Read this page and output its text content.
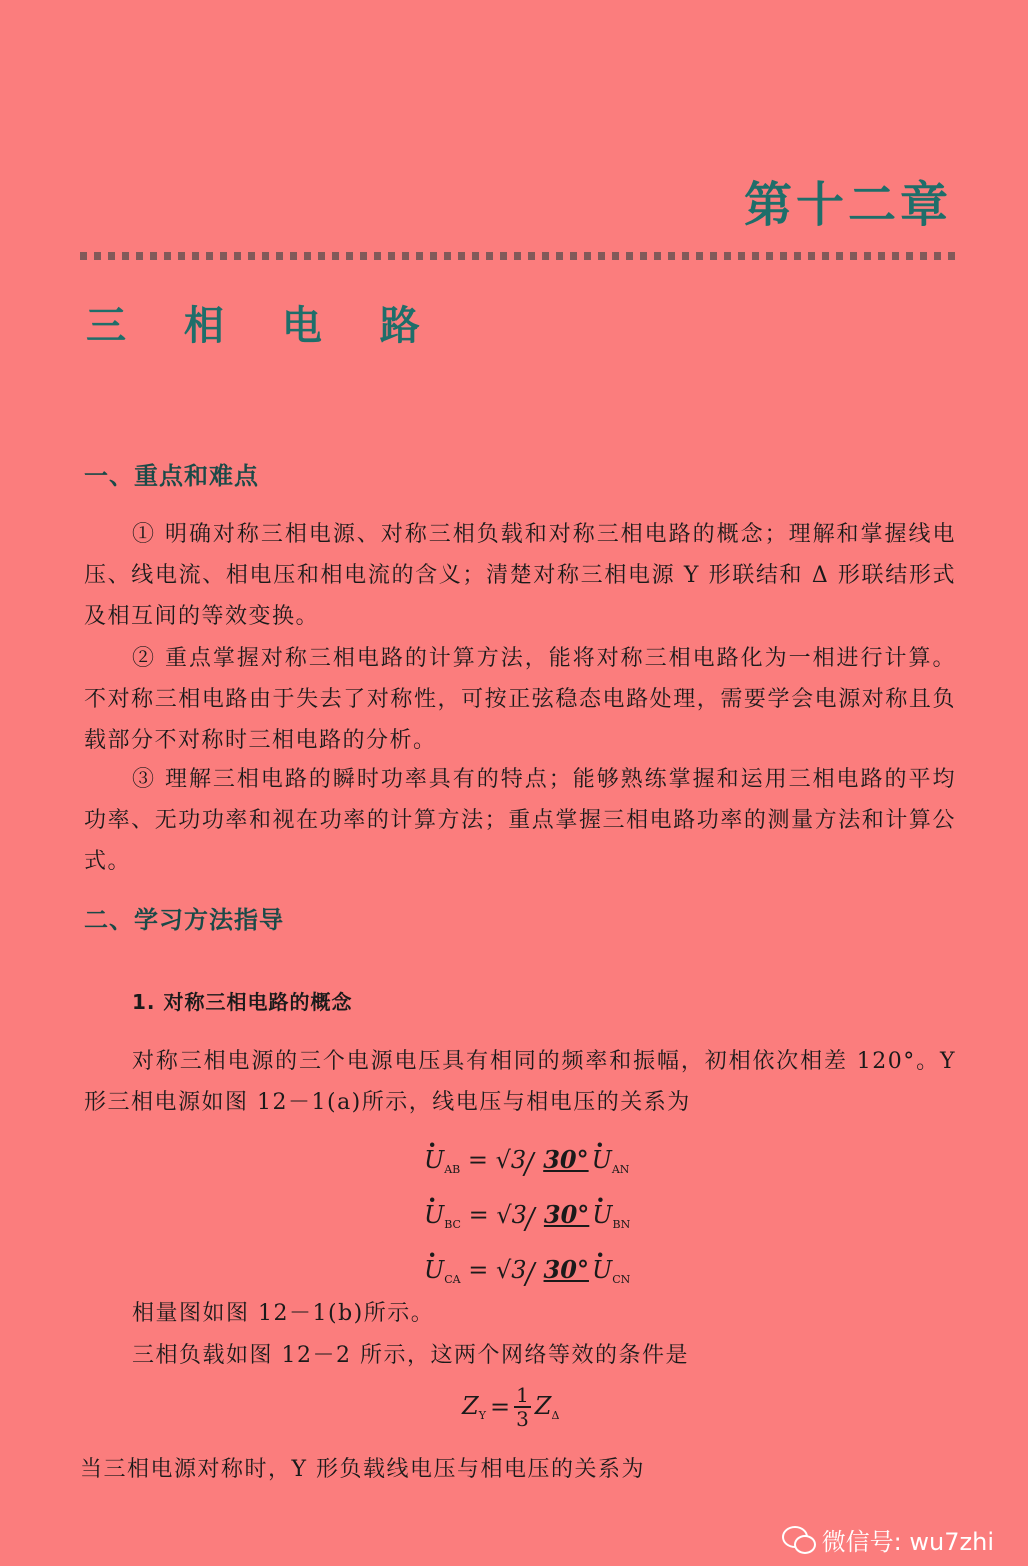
第十二章
三 相 电 路
一、重点和难点
① 明确对称三相电源、对称三相负载和对称三相电路的概念；理解和掌握线电压、线电流、相电压和相电流的含义；清楚对称三相电源 Y 形联结和 Δ 形联结形式及相互间的等效变换。
② 重点掌握对称三相电路的计算方法，能将对称三相电路化为一相进行计算。不对称三相电路由于失去了对称性，可按正弦稳态电路处理，需要学会电源对称且负载部分不对称时三相电路的分析。
③ 理解三相电路的瞬时功率具有的特点；能够熟练掌握和运用三相电路的平均功率、无功功率和视在功率的计算方法；重点掌握三相电路功率的测量方法和计算公式。
二、学习方法指导
1. 对称三相电路的概念
对称三相电源的三个电源电压具有相同的频率和振幅，初相依次相差 120°。Y 形三相电源如图 12－1(a)所示，线电压与相电压的关系为
· $U_{AB} = √3$ $30^\circ \cdot U_{AN}$
· $U_{BC} = √3$ $30^\circ \cdot U_{BN}$
· $U_{CA} = √3$ $30^\circ \cdot U_{CN}$
相量图如图 12－1(b)所示。
三相负载如图 12－2 所示，这两个网络等效的条件是
$Z_Y = \frac{1}{3} Z_\Delta$
当三相电源对称时，Y 形负载线电压与相电压的关系为
微信号: wu7zhi
